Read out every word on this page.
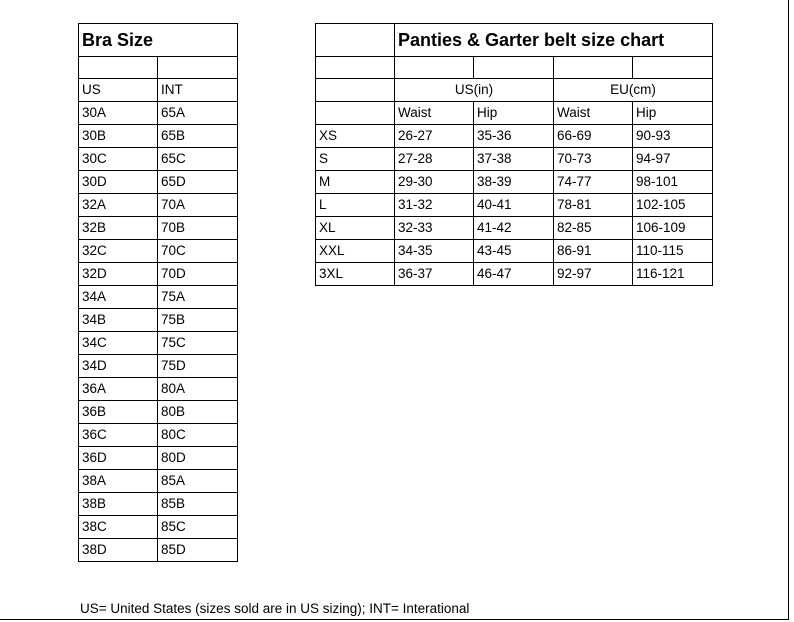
Bra Size	

US	INT
30A	65A
30B	65B
30C	65C
30D	65D
32A	70A
32B	70B
32C	70C
32D	70D
34A	75A
34B	75B
34C	75C
34D	75D
36A	80A
36B	80B
36C	80C
36D	80D
38A	85A
38B	85B
38C	85C
38D	85D
	Panties & Garter belt size chart			

	US(in)		EU(cm)	
	Waist	Hip	Waist	Hip
XS	26-27	35-36	66-69	90-93
S	27-28	37-38	70-73	94-97
M	29-30	38-39	74-77	98-101
L	31-32	40-41	78-81	102-105
XL	32-33	41-42	82-85	106-109
XXL	34-35	43-45	86-91	110-115
3XL	36-37	46-47	92-97	116-121
US= United States (sizes sold are in US sizing); INT= Interational
